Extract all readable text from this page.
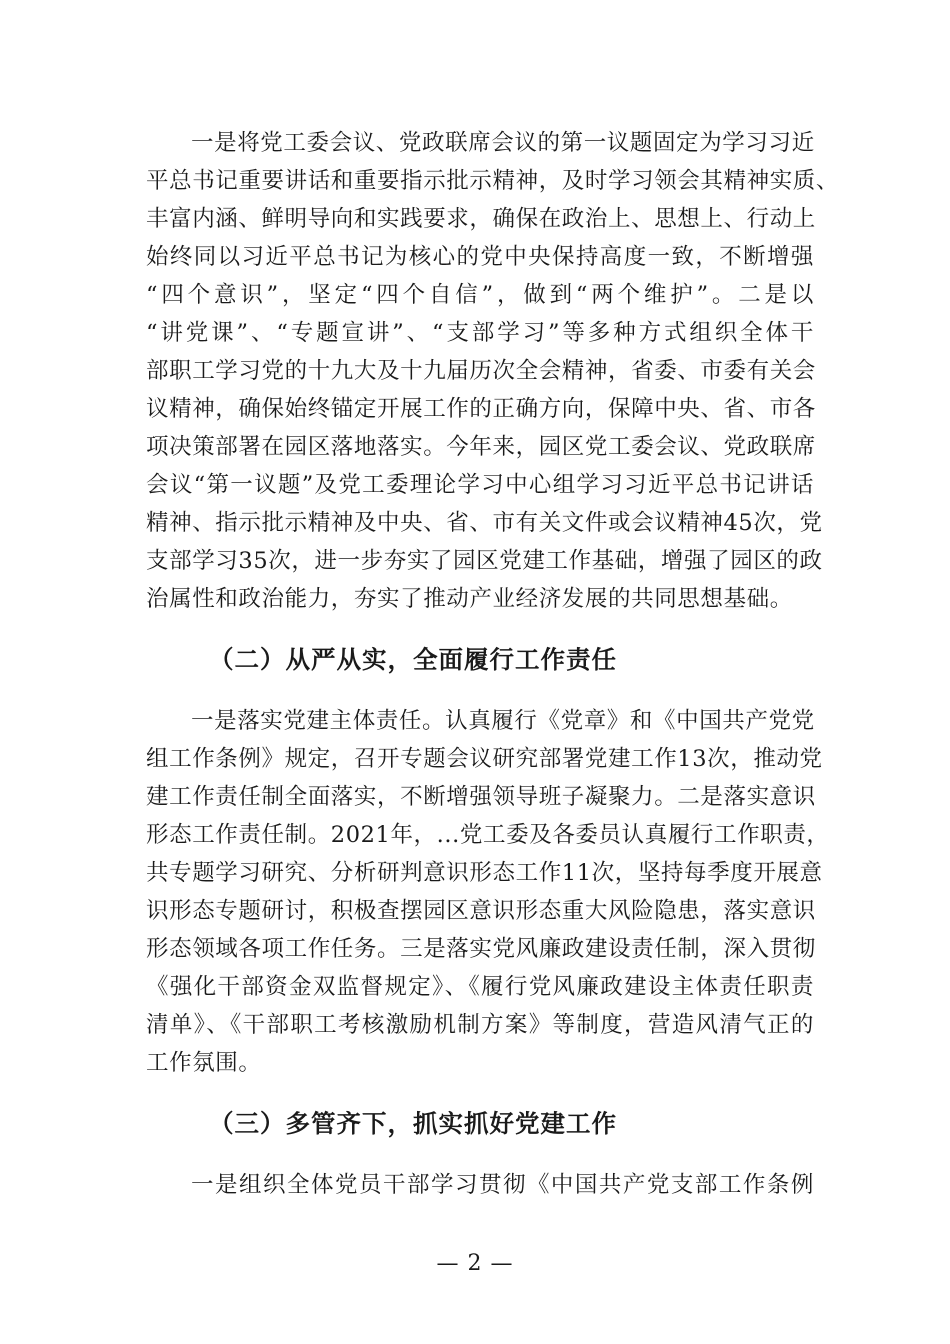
一是将党工委会议、党政联席会议的第一议题固定为学习习近
平总书记重要讲话和重要指示批示精神，及时学习领会其精神实质、
丰富内涵、鲜明导向和实践要求，确保在政治上、思想上、行动上
始终同以习近平总书记为核心的党中央保持高度一致，不断增强
“四个意识”，坚定“四个自信”，做到“两个维护”。二是以
“讲党课”、“专题宣讲”、“支部学习”等多种方式组织全体干
部职工学习党的十九大及十九届历次全会精神，省委、市委有关会
议精神，确保始终锚定开展工作的正确方向，保障中央、省、市各
项决策部署在园区落地落实。今年来，园区党工委会议、党政联席
会议“第一议题”及党工委理论学习中心组学习习近平总书记讲话
精神、指示批示精神及中央、省、市有关文件或会议精神45次，党
支部学习35次，进一步夯实了园区党建工作基础，增强了园区的政
治属性和政治能力，夯实了推动产业经济发展的共同思想基础。
（二）从严从实，全面履行工作责任
一是落实党建主体责任。认真履行《党章》和《中国共产党党
组工作条例》规定，召开专题会议研究部署党建工作13次，推动党
建工作责任制全面落实，不断增强领导班子凝聚力。二是落实意识
形态工作责任制。2021年，...党工委及各委员认真履行工作职责，
共专题学习研究、分析研判意识形态工作11次，坚持每季度开展意
识形态专题研讨，积极查摆园区意识形态重大风险隐患，落实意识
形态领域各项工作任务。三是落实党风廉政建设责任制，深入贯彻
《强化干部资金双监督规定》、《履行党风廉政建设主体责任职责
清单》、《干部职工考核激励机制方案》等制度，营造风清气正的
工作氛围。
（三）多管齐下，抓实抓好党建工作
一是组织全体党员干部学习贯彻《中国共产党支部工作条例
— 2 —
